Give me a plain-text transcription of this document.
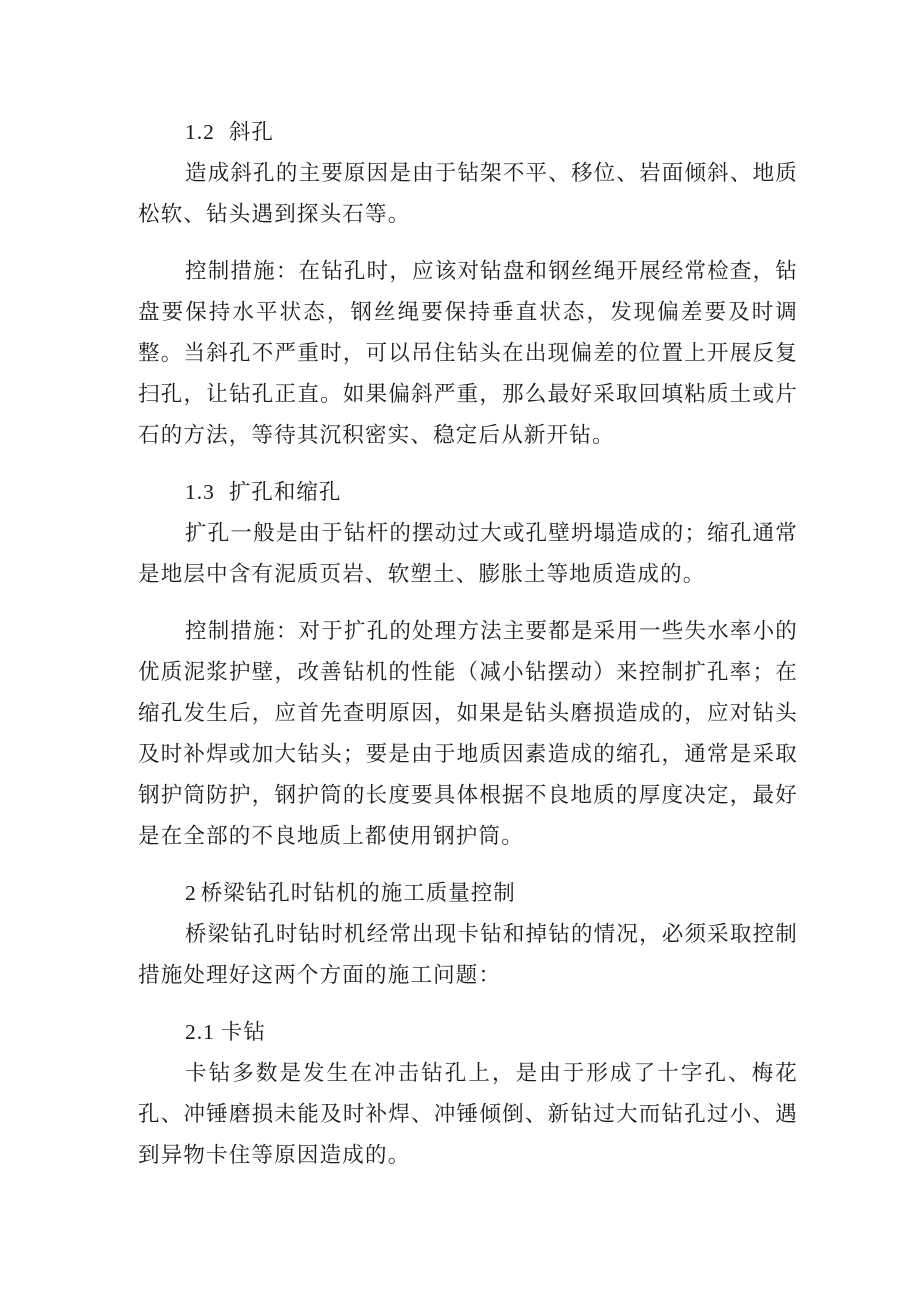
1.2 斜孔

造成斜孔的主要原因是由于钻架不平、移位、岩面倾斜、地质松软、钻头遇到探头石等。

控制措施：在钻孔时，应该对钻盘和钢丝绳开展经常检查，钻盘要保持水平状态，钢丝绳要保持垂直状态，发现偏差要及时调整。当斜孔不严重时，可以吊住钻头在出现偏差的位置上开展反复扫孔，让钻孔正直。如果偏斜严重，那么最好采取回填粘质土或片石的方法，等待其沉积密实、稳定后从新开钻。

1.3 扩孔和缩孔

扩孔一般是由于钻杆的摆动过大或孔壁坍塌造成的；缩孔通常是地层中含有泥质页岩、软塑土、膨胀土等地质造成的。

控制措施：对于扩孔的处理方法主要都是采用一些失水率小的优质泥浆护壁，改善钻机的性能（减小钻摆动）来控制扩孔率；在缩孔发生后，应首先查明原因，如果是钻头磨损造成的，应对钻头及时补焊或加大钻头；要是由于地质因素造成的缩孔，通常是采取钢护筒防护，钢护筒的长度要具体根据不良地质的厚度决定，最好是在全部的不良地质上都使用钢护筒。

2 桥梁钻孔时钻机的施工质量控制

桥梁钻孔时钻时机经常出现卡钻和掉钻的情况，必须采取控制措施处理好这两个方面的施工问题：

2.1 卡钻

卡钻多数是发生在冲击钻孔上，是由于形成了十字孔、梅花孔、冲锤磨损未能及时补焊、冲锤倾倒、新钻过大而钻孔过小、遇到异物卡住等原因造成的。
